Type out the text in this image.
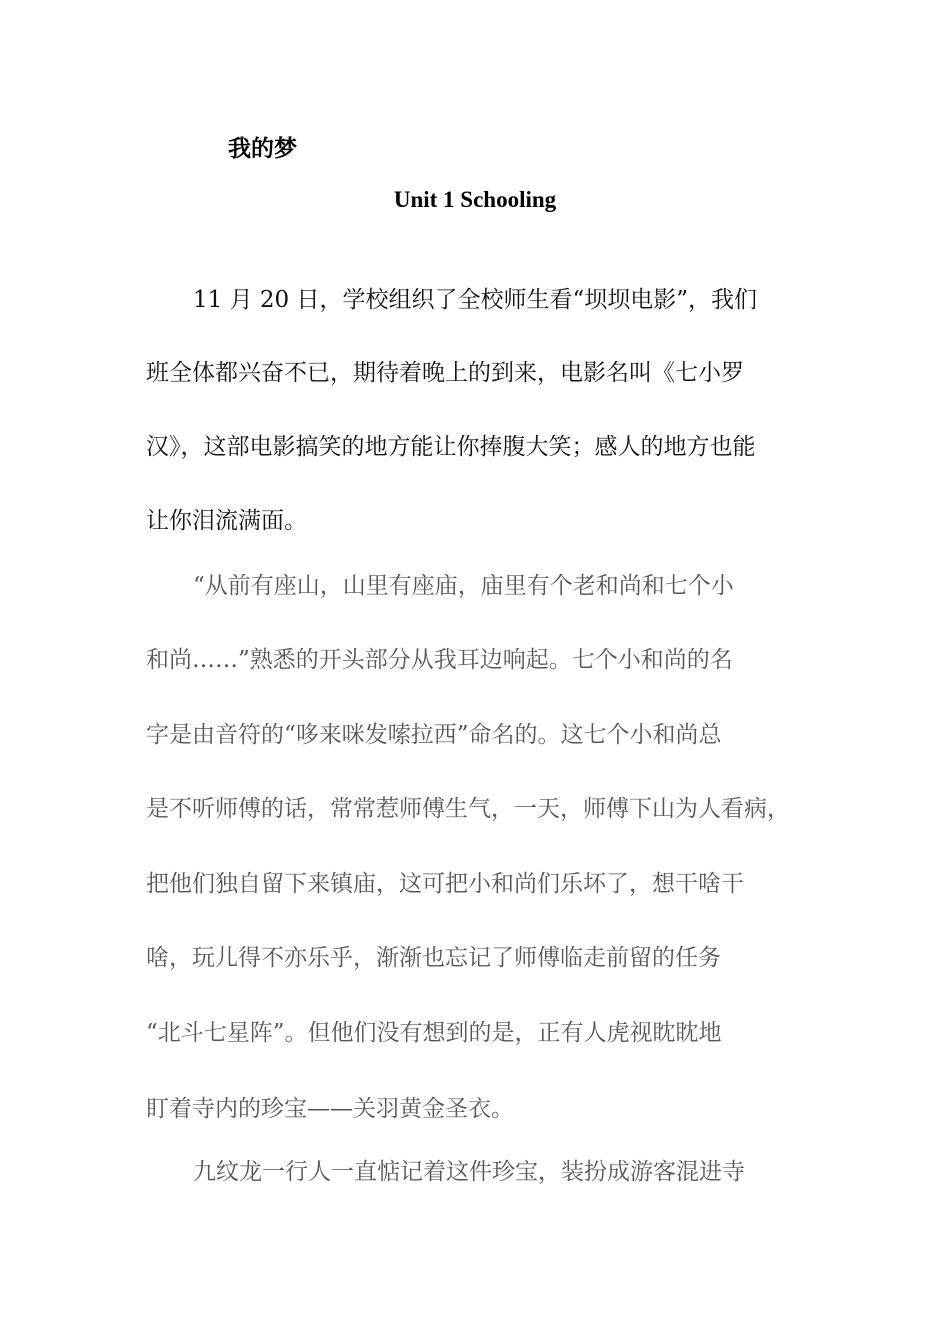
我的梦
Unit 1 Schooling
11 月 20 日，学校组织了全校师生看“坝坝电影”，我们
班全体都兴奋不已，期待着晚上的到来，电影名叫《七小罗
汉》，这部电影搞笑的地方能让你捧腹大笑；感人的地方也能
让你泪流满面。
“从前有座山，山里有座庙，庙里有个老和尚和七个小
和尚……”熟悉的开头部分从我耳边响起。七个小和尚的名
字是由音符的“哆来咪发嗦拉西”命名的。这七个小和尚总
是不听师傅的话，常常惹师傅生气，一天，师傅下山为人看病，
把他们独自留下来镇庙，这可把小和尚们乐坏了，想干啥干
啥，玩儿得不亦乐乎，渐渐也忘记了师傅临走前留的任务
“北斗七星阵”。但他们没有想到的是，正有人虎视眈眈地
盯着寺内的珍宝——关羽黄金圣衣。
九纹龙一行人一直惦记着这件珍宝，装扮成游客混进寺
